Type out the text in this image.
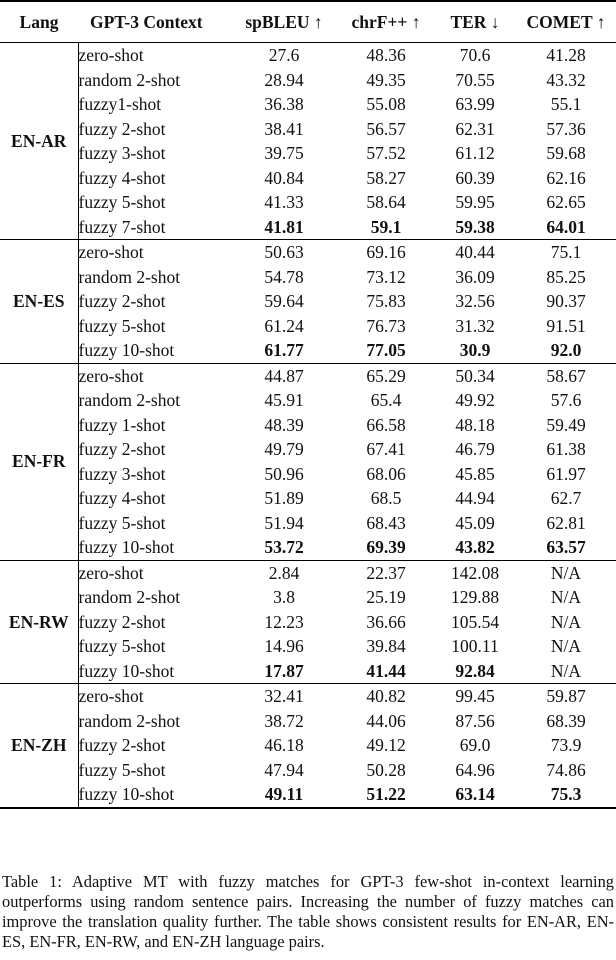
Lang	GPT-3 Context	spBLEU ↑	chrF++ ↑	TER ↓	COMET ↑
EN-AR	zero-shot	27.6	48.36	70.6	41.28
	random 2-shot	28.94	49.35	70.55	43.32
	fuzzy1-shot	36.38	55.08	63.99	55.1
	fuzzy 2-shot	38.41	56.57	62.31	57.36
	fuzzy 3-shot	39.75	57.52	61.12	59.68
	fuzzy 4-shot	40.84	58.27	60.39	62.16
	fuzzy 5-shot	41.33	58.64	59.95	62.65
	fuzzy 7-shot	41.81	59.1	59.38	64.01
EN-ES	zero-shot	50.63	69.16	40.44	75.1
	random 2-shot	54.78	73.12	36.09	85.25
	fuzzy 2-shot	59.64	75.83	32.56	90.37
	fuzzy 5-shot	61.24	76.73	31.32	91.51
	fuzzy 10-shot	61.77	77.05	30.9	92.0
EN-FR	zero-shot	44.87	65.29	50.34	58.67
	random 2-shot	45.91	65.4	49.92	57.6
	fuzzy 1-shot	48.39	66.58	48.18	59.49
	fuzzy 2-shot	49.79	67.41	46.79	61.38
	fuzzy 3-shot	50.96	68.06	45.85	61.97
	fuzzy 4-shot	51.89	68.5	44.94	62.7
	fuzzy 5-shot	51.94	68.43	45.09	62.81
	fuzzy 10-shot	53.72	69.39	43.82	63.57
EN-RW	zero-shot	2.84	22.37	142.08	N/A
	random 2-shot	3.8	25.19	129.88	N/A
	fuzzy 2-shot	12.23	36.66	105.54	N/A
	fuzzy 5-shot	14.96	39.84	100.11	N/A
	fuzzy 10-shot	17.87	41.44	92.84	N/A
EN-ZH	zero-shot	32.41	40.82	99.45	59.87
	random 2-shot	38.72	44.06	87.56	68.39
	fuzzy 2-shot	46.18	49.12	69.0	73.9
	fuzzy 5-shot	47.94	50.28	64.96	74.86
	fuzzy 10-shot	49.11	51.22	63.14	75.3

Table 1: Adaptive MT with fuzzy matches for GPT-3 few-shot in-context learning outperforms using random sentence pairs. Increasing the number of fuzzy matches can improve the translation quality further. The table shows consistent results for EN-AR, EN-ES, EN-FR, EN-RW, and EN-ZH language pairs.
